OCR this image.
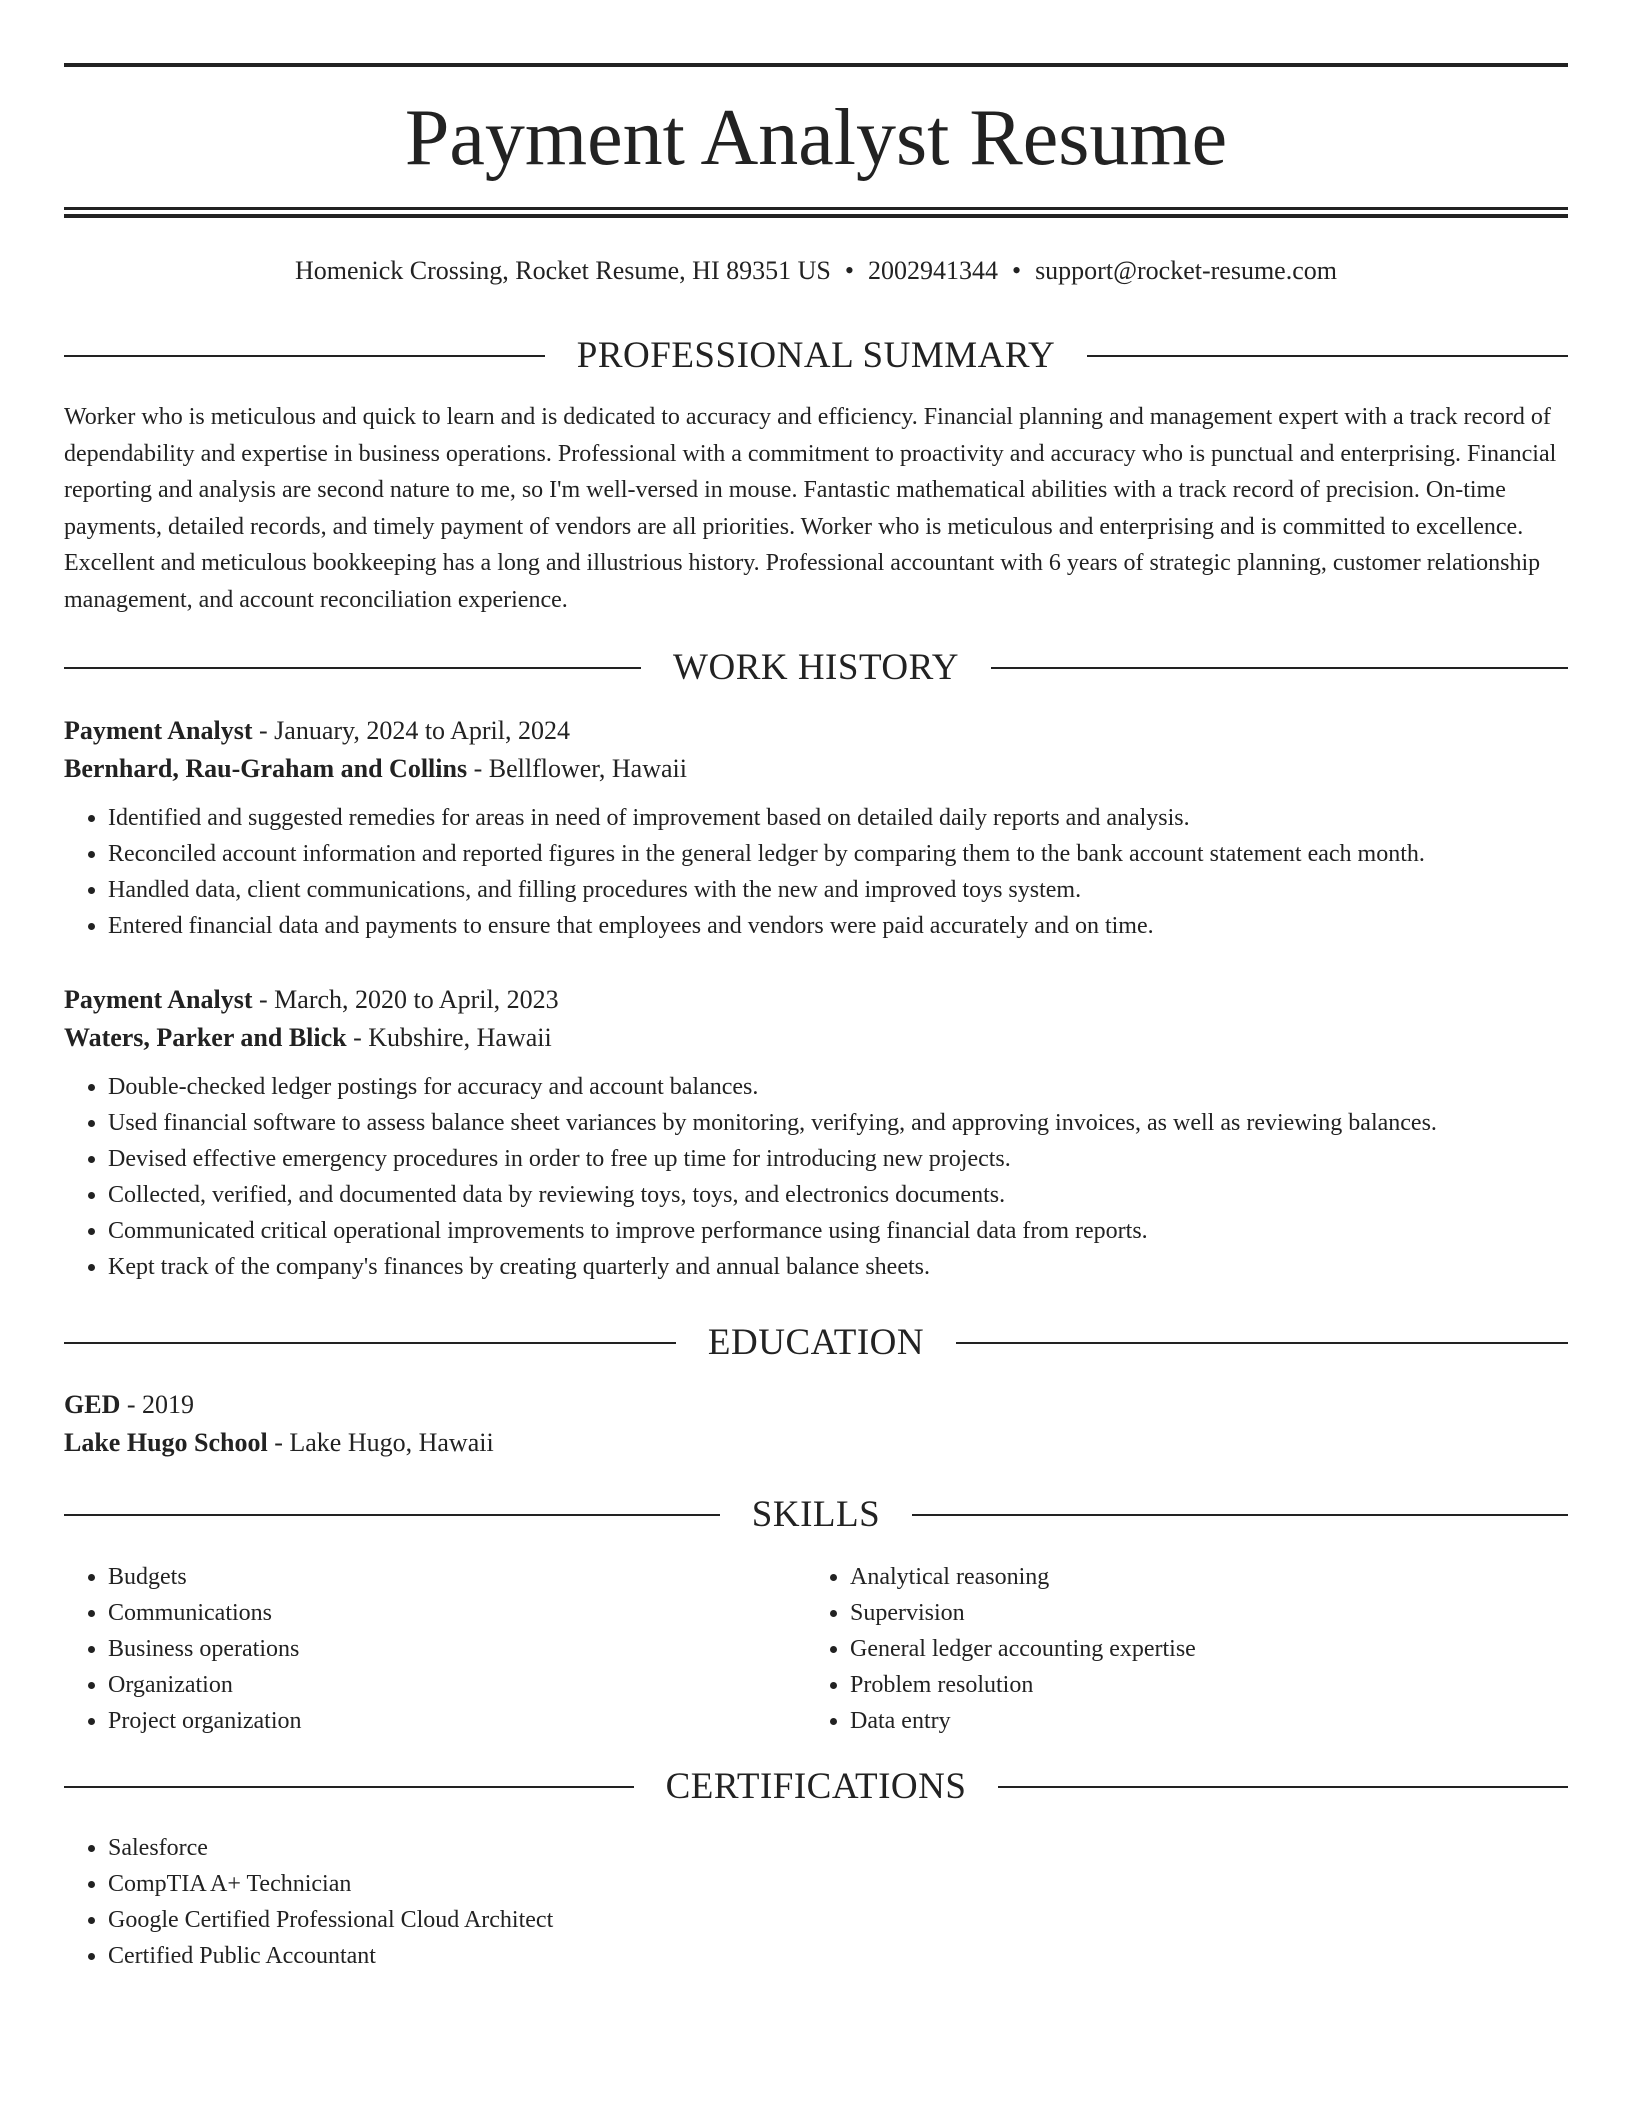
Payment Analyst Resume
Homenick Crossing, Rocket Resume, HI 89351 US • 2002941344 • support@rocket-resume.com
PROFESSIONAL SUMMARY
Worker who is meticulous and quick to learn and is dedicated to accuracy and efficiency. Financial planning and management expert with a track record of dependability and expertise in business operations. Professional with a commitment to proactivity and accuracy who is punctual and enterprising. Financial reporting and analysis are second nature to me, so I'm well-versed in mouse. Fantastic mathematical abilities with a track record of precision. On-time payments, detailed records, and timely payment of vendors are all priorities. Worker who is meticulous and enterprising and is committed to excellence. Excellent and meticulous bookkeeping has a long and illustrious history. Professional accountant with 6 years of strategic planning, customer relationship management, and account reconciliation experience.
WORK HISTORY
Payment Analyst - January, 2024 to April, 2024
Bernhard, Rau-Graham and Collins - Bellflower, Hawaii
• Identified and suggested remedies for areas in need of improvement based on detailed daily reports and analysis.
• Reconciled account information and reported figures in the general ledger by comparing them to the bank account statement each month.
• Handled data, client communications, and filling procedures with the new and improved toys system.
• Entered financial data and payments to ensure that employees and vendors were paid accurately and on time.
Payment Analyst - March, 2020 to April, 2023
Waters, Parker and Blick - Kubshire, Hawaii
• Double-checked ledger postings for accuracy and account balances.
• Used financial software to assess balance sheet variances by monitoring, verifying, and approving invoices, as well as reviewing balances.
• Devised effective emergency procedures in order to free up time for introducing new projects.
• Collected, verified, and documented data by reviewing toys, toys, and electronics documents.
• Communicated critical operational improvements to improve performance using financial data from reports.
• Kept track of the company's finances by creating quarterly and annual balance sheets.
EDUCATION
GED - 2019
Lake Hugo School - Lake Hugo, Hawaii
SKILLS
• Budgets
• Communications
• Business operations
• Organization
• Project organization
• Analytical reasoning
• Supervision
• General ledger accounting expertise
• Problem resolution
• Data entry
CERTIFICATIONS
• Salesforce
• CompTIA A+ Technician
• Google Certified Professional Cloud Architect
• Certified Public Accountant
